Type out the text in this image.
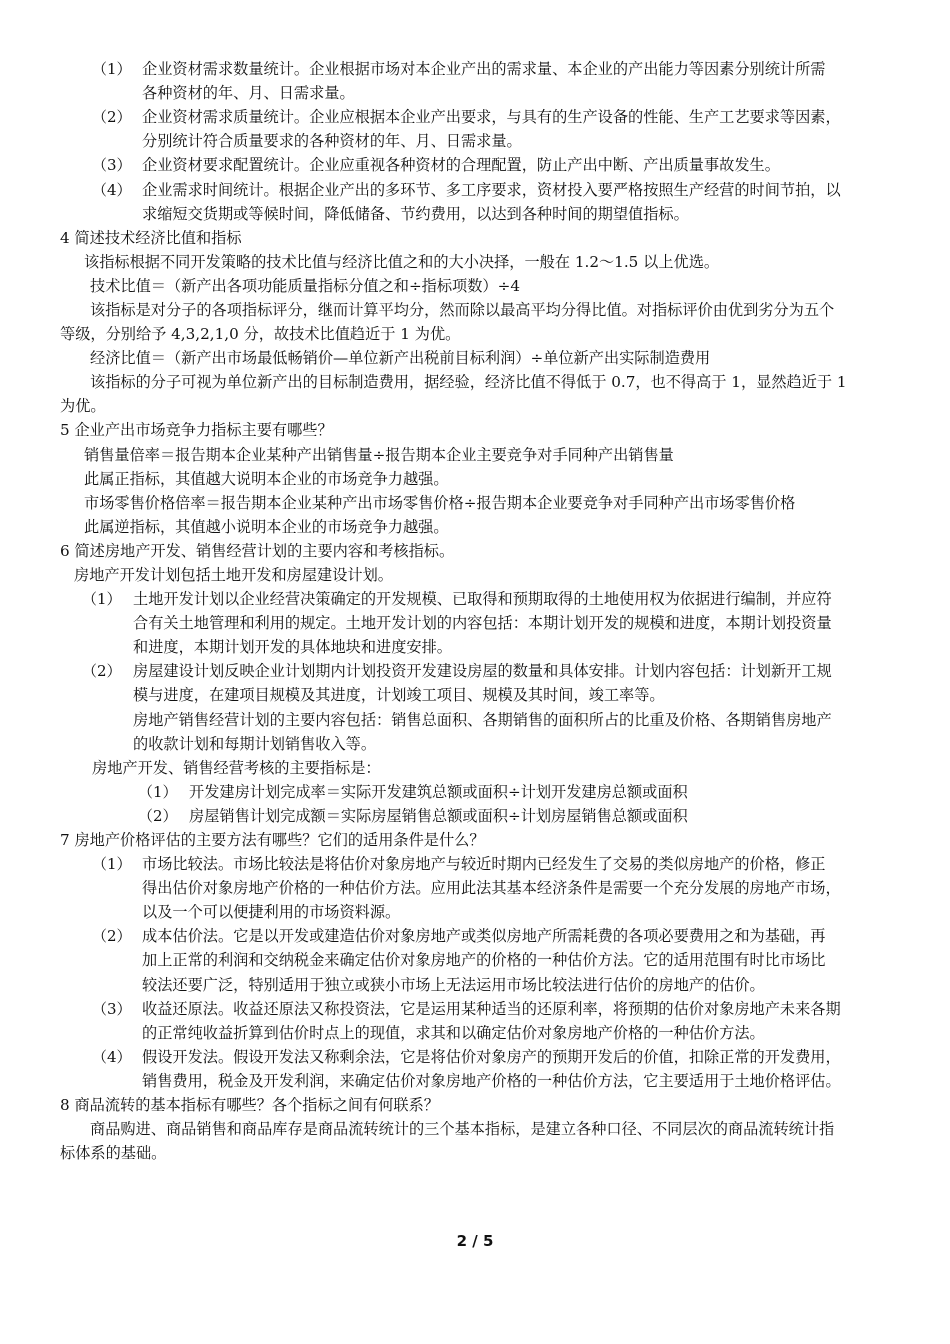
（1） 企业资材需求数量统计。企业根据市场对本企业产出的需求量、本企业的产出能力等因素分别统计所需
各种资材的年、月、日需求量。
（2） 企业资材需求质量统计。企业应根据本企业产出要求，与具有的生产设备的性能、生产工艺要求等因素，
分别统计符合质量要求的各种资材的年、月、日需求量。
（3） 企业资材要求配置统计。企业应重视各种资材的合理配置，防止产出中断、产出质量事故发生。
（4） 企业需求时间统计。根据企业产出的多环节、多工序要求，资材投入要严格按照生产经营的时间节拍，以
求缩短交货期或等候时间，降低储备、节约费用，以达到各种时间的期望值指标。
4 简述技术经济比值和指标
该指标根据不同开发策略的技术比值与经济比值之和的大小决择，一般在 1.2～1.5 以上优选。
技术比值＝（新产出各项功能质量指标分值之和÷指标项数）÷4
该指标是对分子的各项指标评分，继而计算平均分，然而除以最高平均分得比值。对指标评价由优到劣分为五个
等级，分别给予 4,3,2,1,0 分，故技术比值趋近于 1 为优。
经济比值＝（新产出市场最低畅销价—单位新产出税前目标利润）÷单位新产出实际制造费用
该指标的分子可视为单位新产出的目标制造费用，据经验，经济比值不得低于 0.7，也不得高于 1，显然趋近于 1
为优。
5 企业产出市场竞争力指标主要有哪些？
销售量倍率＝报告期本企业某种产出销售量÷报告期本企业主要竞争对手同种产出销售量
此属正指标，其值越大说明本企业的市场竞争力越强。
市场零售价格倍率＝报告期本企业某种产出市场零售价格÷报告期本企业要竞争对手同种产出市场零售价格
此属逆指标，其值越小说明本企业的市场竞争力越强。
6 简述房地产开发、销售经营计划的主要内容和考核指标。
房地产开发计划包括土地开发和房屋建设计划。
（1） 土地开发计划以企业经营决策确定的开发规模、已取得和预期取得的土地使用权为依据进行编制，并应符
合有关土地管理和利用的规定。土地开发计划的内容包括：本期计划开发的规模和进度，本期计划投资量
和进度，本期计划开发的具体地块和进度安排。
（2） 房屋建设计划反映企业计划期内计划投资开发建设房屋的数量和具体安排。计划内容包括：计划新开工规
模与进度，在建项目规模及其进度，计划竣工项目、规模及其时间，竣工率等。
房地产销售经营计划的主要内容包括：销售总面积、各期销售的面积所占的比重及价格、各期销售房地产
的收款计划和每期计划销售收入等。
房地产开发、销售经营考核的主要指标是：
（1） 开发建房计划完成率＝实际开发建筑总额或面积÷计划开发建房总额或面积
（2） 房屋销售计划完成额＝实际房屋销售总额或面积÷计划房屋销售总额或面积
7 房地产价格评估的主要方法有哪些？它们的适用条件是什么？
（1） 市场比较法。市场比较法是将估价对象房地产与较近时期内已经发生了交易的类似房地产的价格，修正
得出估价对象房地产价格的一种估价方法。应用此法其基本经济条件是需要一个充分发展的房地产市场，
以及一个可以便捷利用的市场资料源。
（2） 成本估价法。它是以开发或建造估价对象房地产或类似房地产所需耗费的各项必要费用之和为基础，再
加上正常的利润和交纳税金来确定估价对象房地产的价格的一种估价方法。它的适用范围有时比市场比
较法还要广泛，特别适用于独立或狭小市场上无法运用市场比较法进行估价的房地产的估价。
（3） 收益还原法。收益还原法又称投资法，它是运用某种适当的还原利率，将预期的估价对象房地产未来各期
的正常纯收益折算到估价时点上的现值，求其和以确定估价对象房地产价格的一种估价方法。
（4） 假设开发法。假设开发法又称剩余法，它是将估价对象房产的预期开发后的价值，扣除正常的开发费用，
销售费用，税金及开发利润，来确定估价对象房地产价格的一种估价方法，它主要适用于土地价格评估。
8 商品流转的基本指标有哪些？各个指标之间有何联系？
商品购进、商品销售和商品库存是商品流转统计的三个基本指标，是建立各种口径、不同层次的商品流转统计指
标体系的基础。
2 / 5
